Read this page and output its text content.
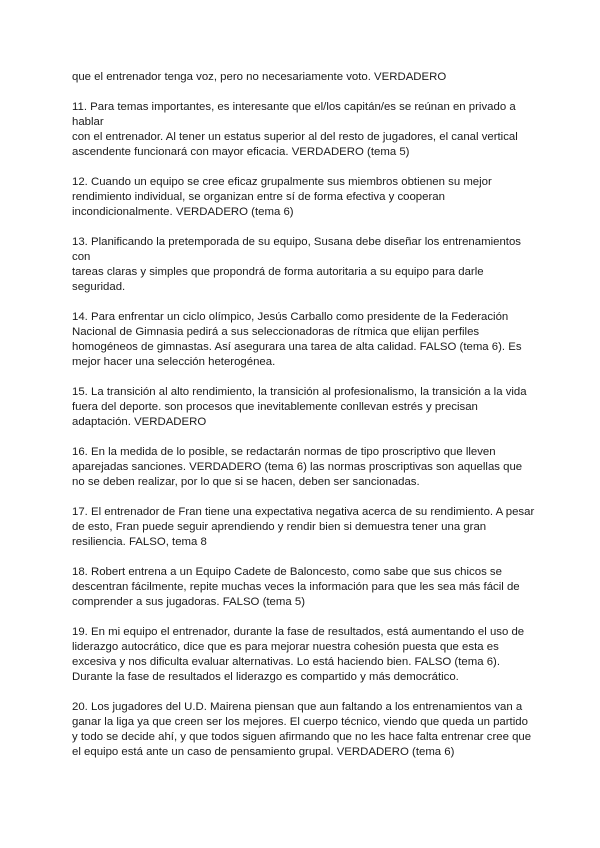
que el entrenador tenga voz, pero no necesariamente voto. VERDADERO

11. Para temas importantes, es interesante que el/los capitán/es se reúnan en privado a
hablar
con el entrenador. Al tener un estatus superior al del resto de jugadores, el canal vertical
ascendente funcionará con mayor eficacia. VERDADERO (tema 5)

12. Cuando un equipo se cree eficaz grupalmente sus miembros obtienen su mejor
rendimiento individual, se organizan entre sí de forma efectiva y cooperan
incondicionalmente. VERDADERO (tema 6)

13. Planificando la pretemporada de su equipo, Susana debe diseñar los entrenamientos
con
tareas claras y simples que propondrá de forma autoritaria a su equipo para darle
seguridad.

14. Para enfrentar un ciclo olímpico, Jesús Carballo como presidente de la Federación
Nacional de Gimnasia pedirá a sus seleccionadoras de rítmica que elijan perfiles
homogéneos de gimnastas. Así asegurara una tarea de alta calidad. FALSO (tema 6). Es
mejor hacer una selección heterogénea.

15. La transición al alto rendimiento, la transición al profesionalismo, la transición a la vida
fuera del deporte. son procesos que inevitablemente conllevan estrés y precisan
adaptación. VERDADERO

16. En la medida de lo posible, se redactarán normas de tipo proscriptivo que lleven
aparejadas sanciones. VERDADERO (tema 6) las normas proscriptivas son aquellas que
no se deben realizar, por lo que si se hacen, deben ser sancionadas.

17. El entrenador de Fran tiene una expectativa negativa acerca de su rendimiento. A pesar
de esto, Fran puede seguir aprendiendo y rendir bien si demuestra tener una gran
resiliencia. FALSO, tema 8

18. Robert entrena a un Equipo Cadete de Baloncesto, como sabe que sus chicos se
descentran fácilmente, repite muchas veces la información para que les sea más fácil de
comprender a sus jugadoras. FALSO (tema 5)

19. En mi equipo el entrenador, durante la fase de resultados, está aumentando el uso de
liderazgo autocrático, dice que es para mejorar nuestra cohesión puesta que esta es
excesiva y nos dificulta evaluar alternativas. Lo está haciendo bien. FALSO (tema 6).
Durante la fase de resultados el liderazgo es compartido y más democrático.

20. Los jugadores del U.D. Mairena piensan que aun faltando a los entrenamientos van a
ganar la liga ya que creen ser los mejores. El cuerpo técnico, viendo que queda un partido
y todo se decide ahí, y que todos siguen afirmando que no les hace falta entrenar cree que
el equipo está ante un caso de pensamiento grupal. VERDADERO (tema 6)
